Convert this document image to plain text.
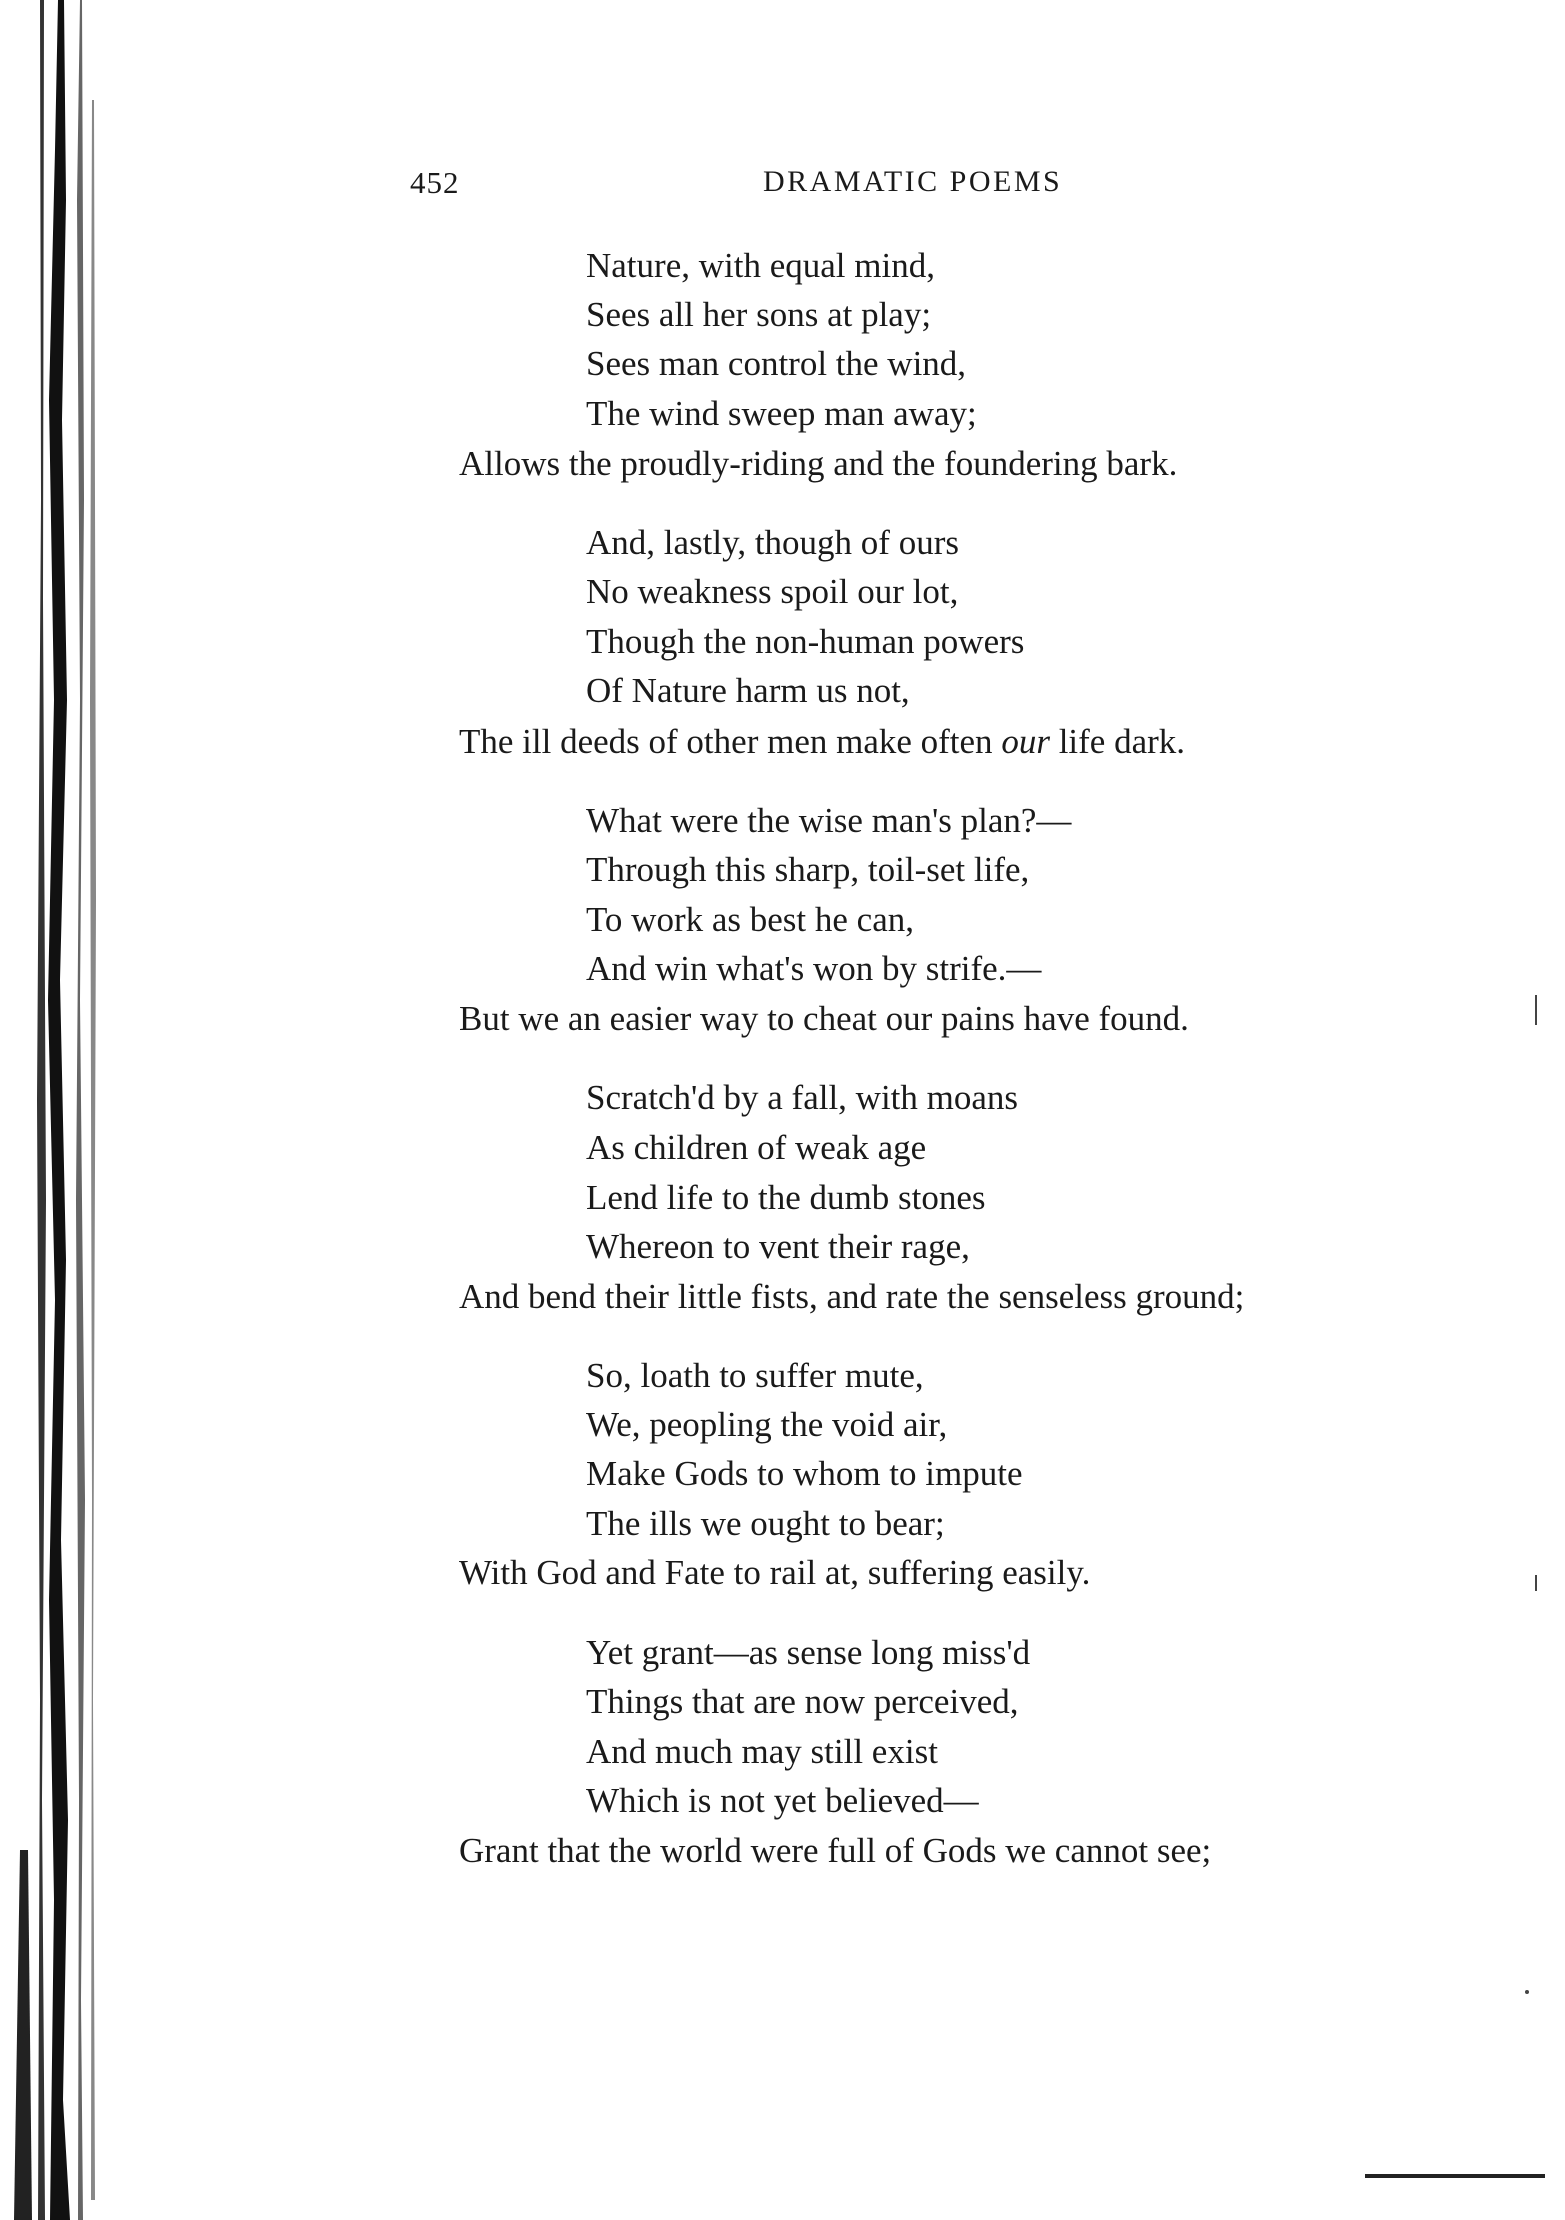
452	DRAMATIC POEMS
Nature, with equal mind,
Sees all her sons at play;
Sees man control the wind,
The wind sweep man away;
Allows the proudly-riding and the foundering bark.
And, lastly, though of ours
No weakness spoil our lot,
Though the non-human powers
Of Nature harm us not,
The ill deeds of other men make often our life dark.
What were the wise man's plan?—
Through this sharp, toil-set life,
To work as best he can,
And win what's won by strife.—
But we an easier way to cheat our pains have found.
Scratch'd by a fall, with moans
As children of weak age
Lend life to the dumb stones
Whereon to vent their rage,
And bend their little fists, and rate the senseless ground;
So, loath to suffer mute,
We, peopling the void air,
Make Gods to whom to impute
The ills we ought to bear;
With God and Fate to rail at, suffering easily.
Yet grant—as sense long miss'd
Things that are now perceived,
And much may still exist
Which is not yet believed—
Grant that the world were full of Gods we cannot see;
